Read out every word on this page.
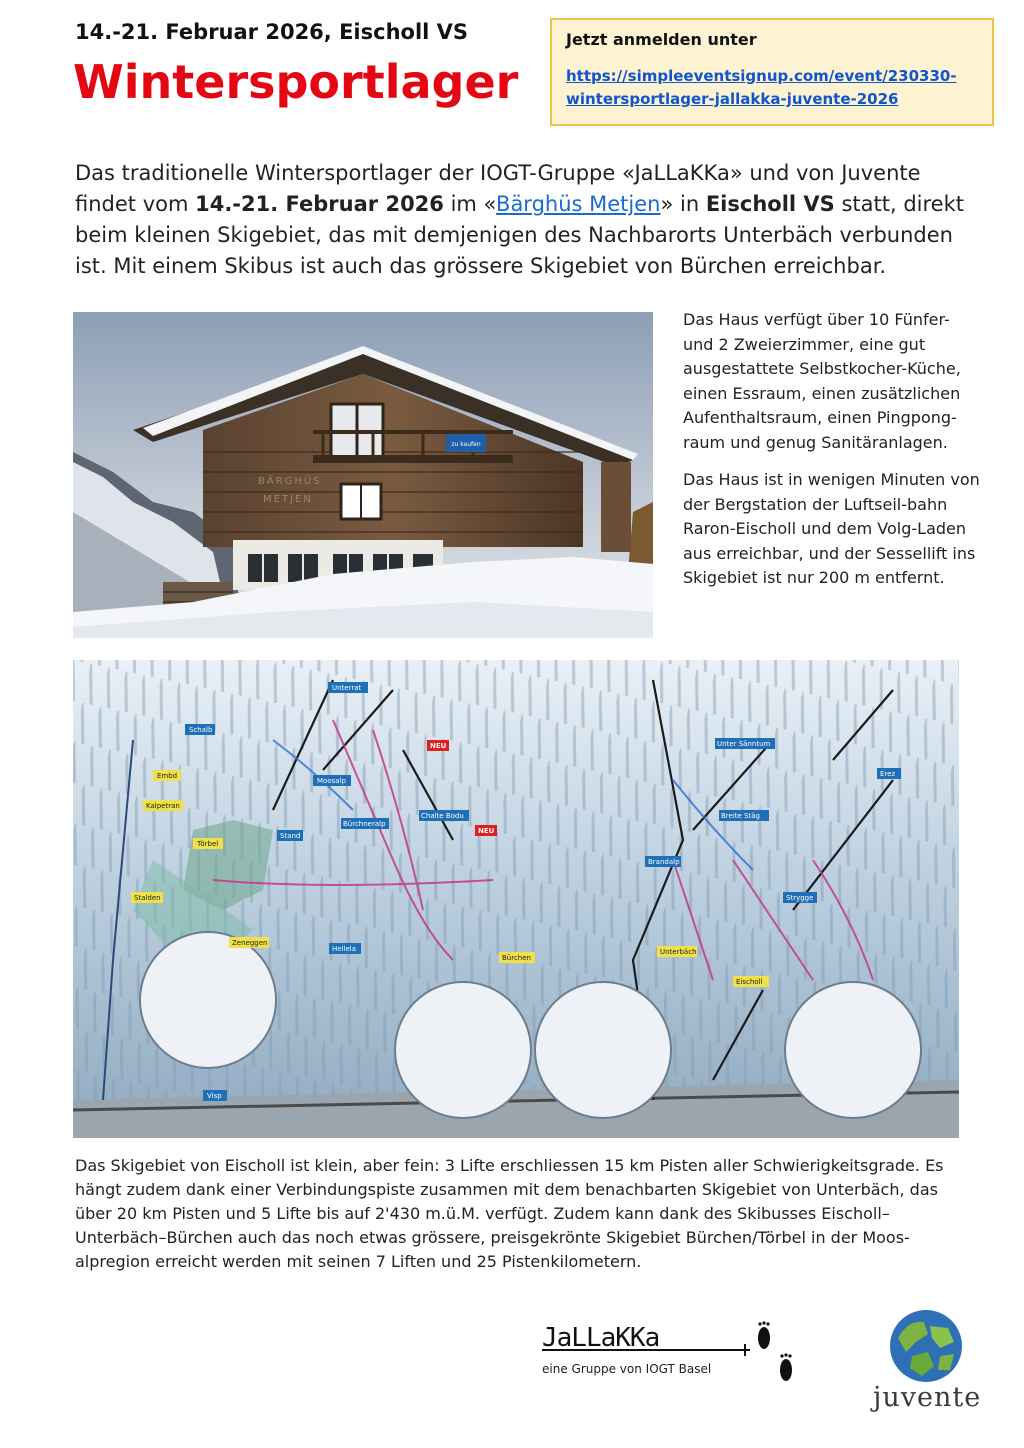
14.-21. Februar 2026, Eischoll VS
Wintersportlager
Jetzt anmelden unter
https://simpleeventsignup.com/event/230330-
wintersportlager-jallakka-juvente-2026
Das traditionelle Wintersportlager der IOGT-Gruppe «JaLLaKKa» und von Juvente findet vom 14.-21. Februar 2026 im «Bärghüs Metjen» in Eischoll VS statt, direkt beim kleinen Skigebiet, das mit demjenigen des Nachbarorts Unterbäch verbunden ist. Mit einem Skibus ist auch das grössere Skigebiet von Bürchen erreichbar.
zu kaufen
BÄRGHÜS
METJEN

Das Haus verfügt über 10 Fünfer- und 2 Zweierzimmer, eine gut ausgestattete Selbstkocher-Küche, einen Essraum, einen zusätzlichen Aufenthaltsraum, einen Pingpong-raum und genug Sanitäranlagen.

Das Haus ist in wenigen Minuten von der Bergstation der Luftseil-bahn Raron-Eischoll und dem Volg-Laden aus erreichbar, und der Sessellift ins Skigebiet ist nur 200 m entfernt.

Moosalp
Unterrat
Schalb
Embd
Kalpetran
Törbel
Stalden
Zeneggen
Hellela
Bürchneralp
Chalte Bodu
Brandalp
Unter Sänntum
Breite Stäg
Strygge
Erez
Eischoll
Unterbäch
Bürchen
Visp
Stand
NEU
NEU
Das Skigebiet von Eischoll ist klein, aber fein: 3 Lifte erschliessen 15 km Pisten aller Schwierigkeitsgrade. Es hängt zudem dank einer Verbindungspiste zusammen mit dem benachbarten Skigebiet von Unterbäch, das über 20 km Pisten und 5 Lifte bis auf 2'430 m.ü.M. verfügt. Zudem kann dank des Skibusses Eischoll–Unterbäch–Bürchen auch das noch etwas grössere, preisgekrönte Skigebiet Bürchen/Törbel in der Moos-alpregion erreicht werden mit seinen 7 Liften und 25 Pistenkilometern.
JaLLaKKa
eine Gruppe von IOGT Basel
juvente
